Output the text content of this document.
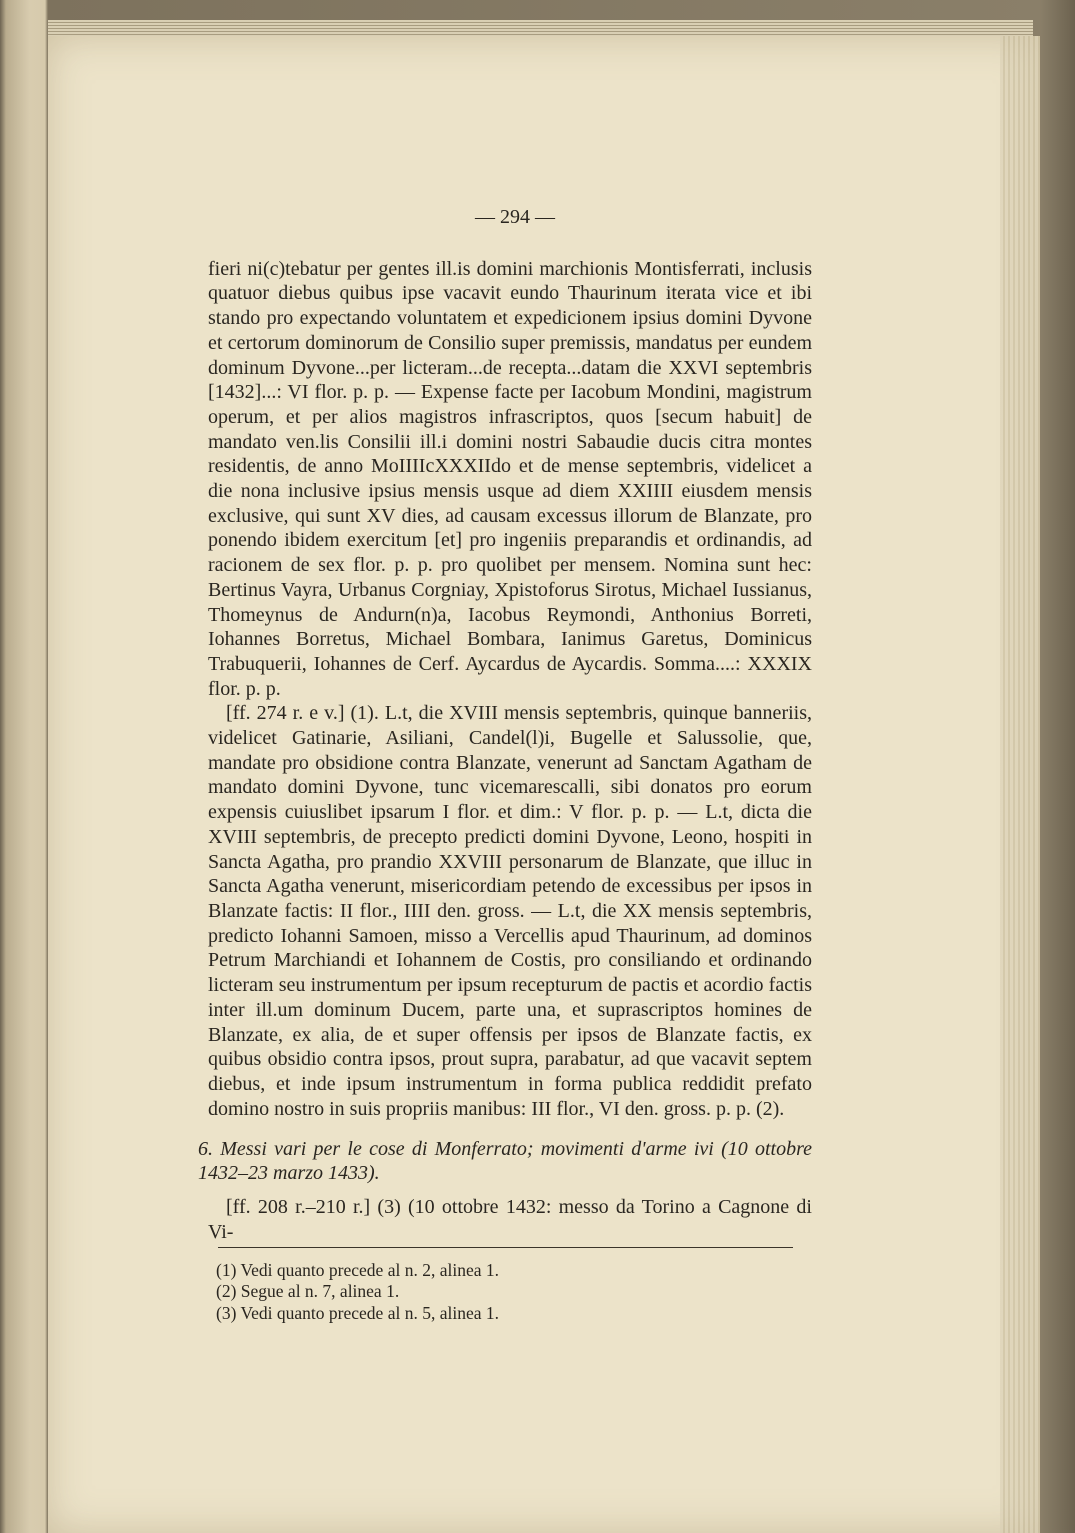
— 294 —

fieri ni(c)tebatur per gentes ill.is domini marchionis Montisferrati, inclusis quatuor diebus quibus ipse vacavit eundo Thaurinum iterata vice et ibi stando pro expectando voluntatem et expedicionem ipsius domini Dyvone et certorum dominorum de Consilio super premissis, mandatus per eundem dominum Dyvone...per licteram...de recepta...datam die XXVI septembris [1432]...: VI flor. p. p. — Expense facte per Iacobum Mondini, magistrum operum, et per alios magistros infrascriptos, quos [secum habuit] de mandato ven.lis Consilii ill.i domini nostri Sabaudie ducis citra montes residentis, de anno MoIIIIcXXXIIdo et de mense septembris, videlicet a die nona inclusive ipsius mensis usque ad diem XXIIII eiusdem mensis exclusive, qui sunt XV dies, ad causam excessus illorum de Blanzate, pro ponendo ibidem exercitum [et] pro ingeniis preparandis et ordinandis, ad racionem de sex flor. p. p. pro quolibet per mensem. Nomina sunt hec: Bertinus Vayra, Urbanus Corgniay, Xpistoforus Sirotus, Michael Iussianus, Thomeynus de Andurn(n)a, Iacobus Reymondi, Anthonius Borreti, Iohannes Borretus, Michael Bombara, Ianimus Garetus, Dominicus Trabuquerii, Iohannes de Cerf. Aycardus de Aycardis. Somma....: XXXIX flor. p. p.

[ff. 274 r. e v.] (1). L.t, die XVIII mensis septembris, quinque banneriis, videlicet Gatinarie, Asiliani, Candel(l)i, Bugelle et Salussolie, que, mandate pro obsidione contra Blanzate, venerunt ad Sanctam Agatham de mandato domini Dyvone, tunc vicemarescalli, sibi donatos pro eorum expensis cuiuslibet ipsarum I flor. et dim.: V flor. p. p. — L.t, dicta die XVIII septembris, de precepto predicti domini Dyvone, Leono, hospiti in Sancta Agatha, pro prandio XXVIII personarum de Blanzate, que illuc in Sancta Agatha venerunt, misericordiam petendo de excessibus per ipsos in Blanzate factis: II flor., IIII den. gross. — L.t, die XX mensis septembris, predicto Iohanni Samoen, misso a Vercellis apud Thaurinum, ad dominos Petrum Marchiandi et Iohannem de Costis, pro consiliando et ordinando licteram seu instrumentum per ipsum recepturum de pactis et acordio factis inter ill.um dominum Ducem, parte una, et suprascriptos homines de Blanzate, ex alia, de et super offensis per ipsos de Blanzate factis, ex quibus obsidio contra ipsos, prout supra, parabatur, ad que vacavit septem diebus, et inde ipsum instrumentum in forma publica reddidit prefato domino nostro in suis propriis manibus: III flor., VI den. gross. p. p. (2).

6. Messi vari per le cose di Monferrato; movimenti d'arme ivi (10 ottobre 1432–23 marzo 1433).

[ff. 208 r.–210 r.] (3) (10 ottobre 1432: messo da Torino a Cagnone di Vi-

(1) Vedi quanto precede al n. 2, alinea 1.

(2) Segue al n. 7, alinea 1.

(3) Vedi quanto precede al n. 5, alinea 1.
